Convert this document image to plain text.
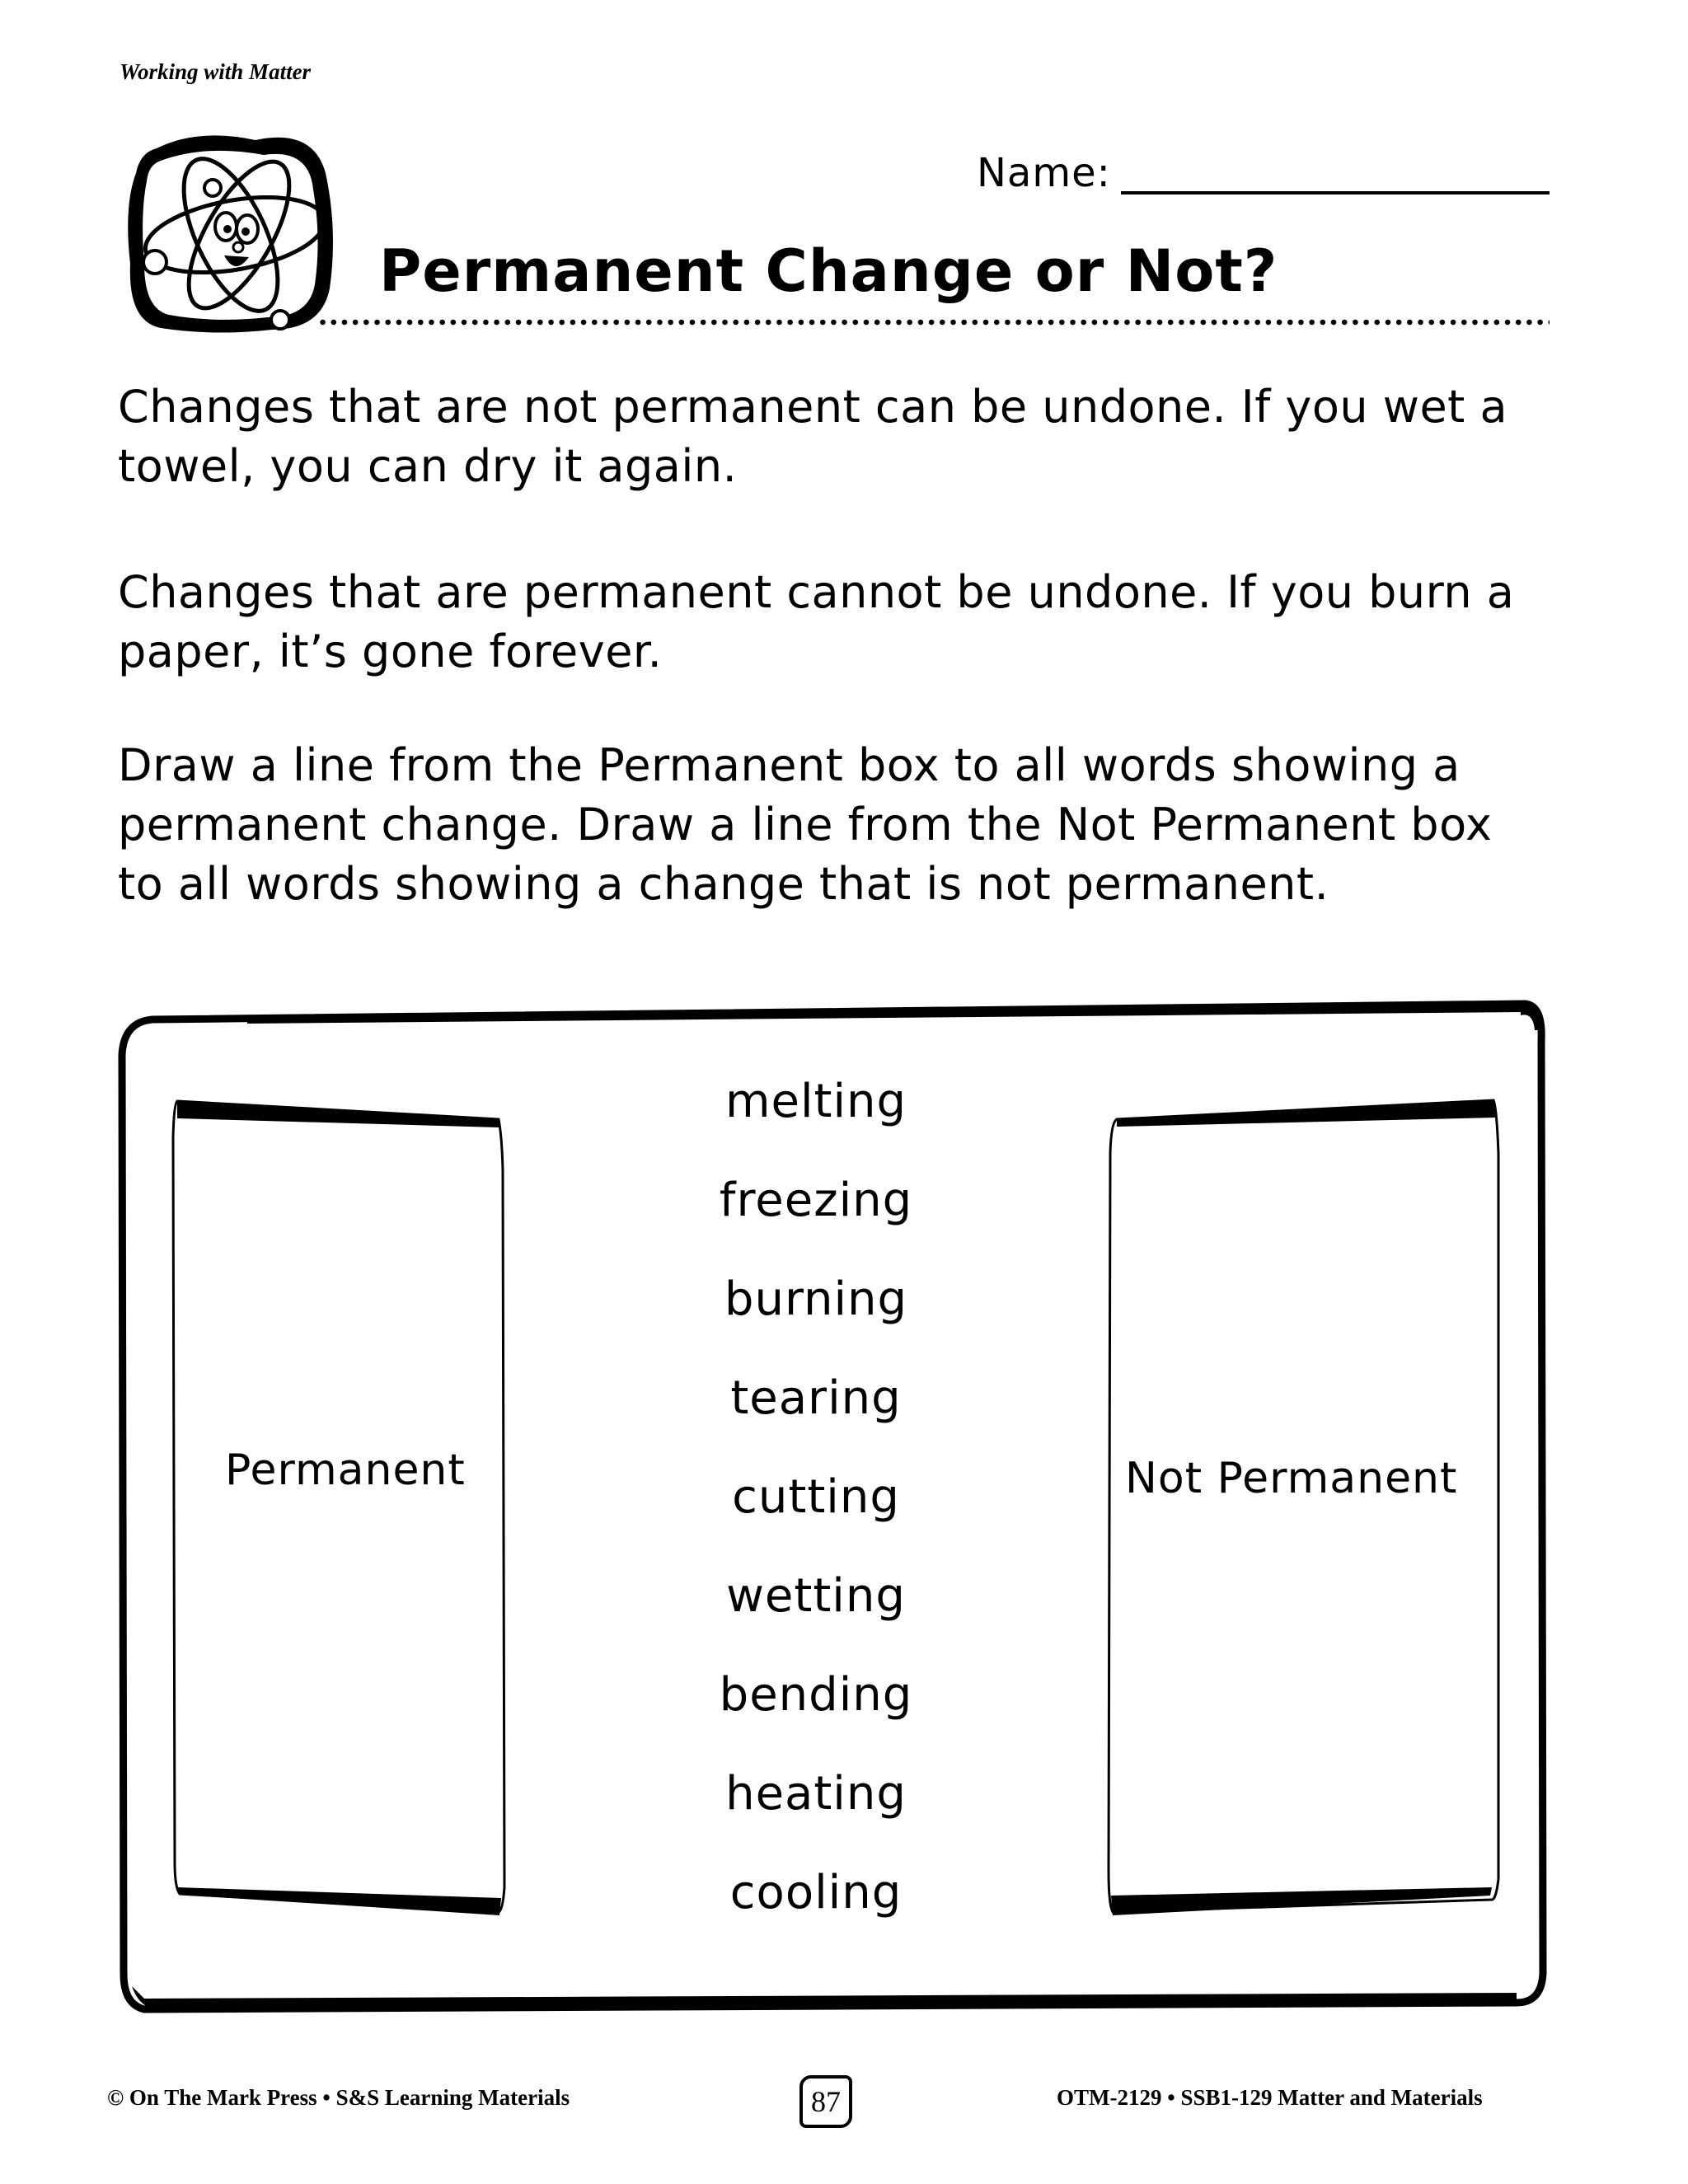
Working with Matter
Name:
Permanent Change or Not?

Changes that are not permanent can be undone. If you wet a

towel, you can dry it again.

Changes that are permanent cannot be undone. If you burn a

paper, it’s gone forever.

Draw a line from the Permanent box to all words showing a

permanent change. Draw a line from the Not Permanent box

to all words showing a change that is not permanent.

Permanent	Not Permanent
melting
freezing
burning
tearing
cutting
wetting
bending
heating
cooling
© On The Mark Press • S&S Learning Materials	87	OTM-2129 • SSB1-129 Matter and Materials
